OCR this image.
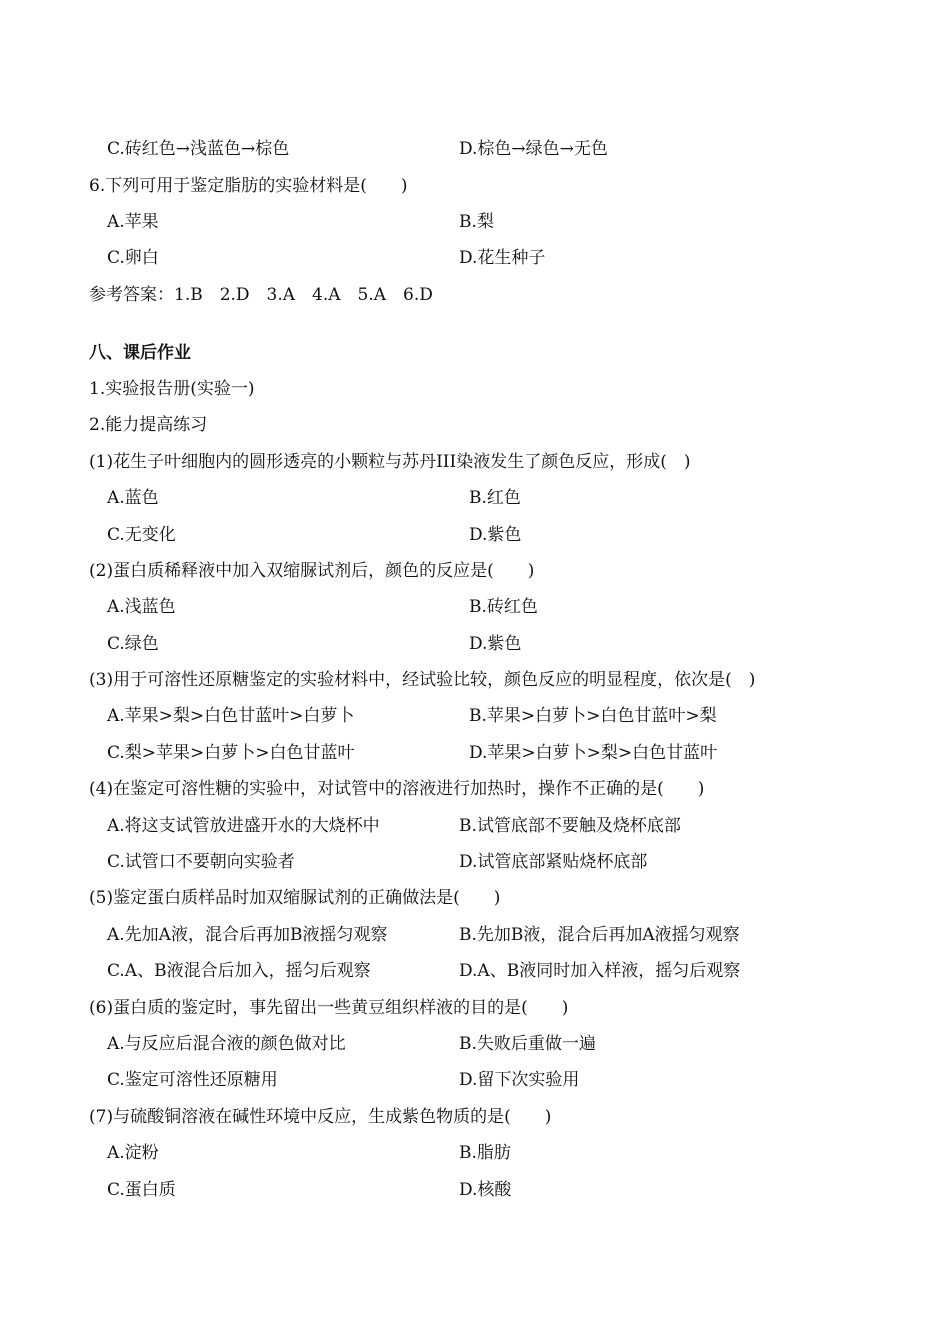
C.砖红色→浅蓝色→棕色	D.棕色→绿色→无色
6.下列可用于鉴定脂肪的实验材料是(　　)
A.苹果	B.梨
C.卵白	D.花生种子
参考答案：1.B　2.D　3.A　4.A　5.A　6.D
八、课后作业
1.实验报告册(实验一)
2.能力提高练习
(1)花生子叶细胞内的圆形透亮的小颗粒与苏丹III染液发生了颜色反应，形成(　)
A.蓝色	B.红色
C.无变化	D.紫色
(2)蛋白质稀释液中加入双缩脲试剂后，颜色的反应是(　　)
A.浅蓝色	B.砖红色
C.绿色	D.紫色
(3)用于可溶性还原糖鉴定的实验材料中，经试验比较，颜色反应的明显程度，依次是(　)
A.苹果>梨>白色甘蓝叶>白萝卜	B.苹果>白萝卜>白色甘蓝叶>梨
C.梨>苹果>白萝卜>白色甘蓝叶	D.苹果>白萝卜>梨>白色甘蓝叶
(4)在鉴定可溶性糖的实验中，对试管中的溶液进行加热时，操作不正确的是(　　)
A.将这支试管放进盛开水的大烧杯中	B.试管底部不要触及烧杯底部
C.试管口不要朝向实验者	D.试管底部紧贴烧杯底部
(5)鉴定蛋白质样品时加双缩脲试剂的正确做法是(　　)
A.先加A液，混合后再加B液摇匀观察	B.先加B液，混合后再加A液摇匀观察
C.A、B液混合后加入，摇匀后观察	D.A、B液同时加入样液，摇匀后观察
(6)蛋白质的鉴定时，事先留出一些黄豆组织样液的目的是(　　)
A.与反应后混合液的颜色做对比	B.失败后重做一遍
C.鉴定可溶性还原糖用	D.留下次实验用
(7)与硫酸铜溶液在碱性环境中反应，生成紫色物质的是(　　)
A.淀粉	B.脂肪
C.蛋白质	D.核酸
